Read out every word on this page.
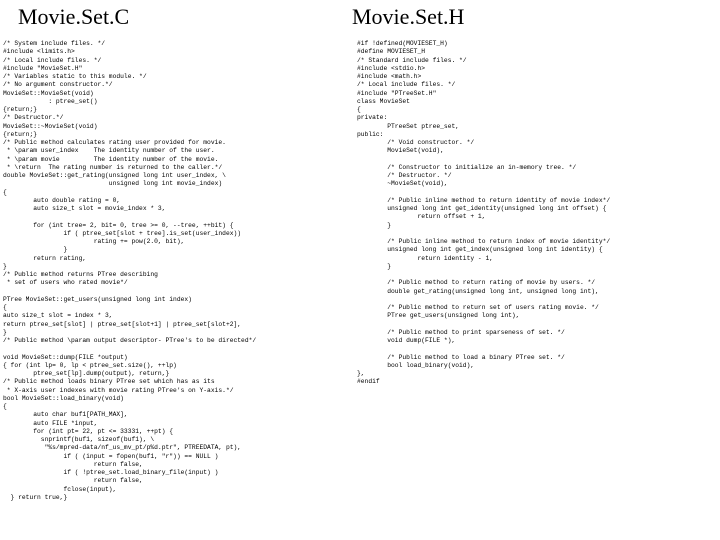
Movie.Set.C	Movie.Set.H
/* System include files. */
#include <limits.h>
/* Local include files. */
#include "MovieSet.H"
/* Variables static to this module. */
/* No argument constructor.*/
MovieSet::MovieSet(void)
: ptree_set()
{return;}
/* Destructor.*/
MovieSet::~MovieSet(void)
{return;}
/* Public method calculates rating user provided for movie.
* \param user_index    The identity number of the user.
* \param movie         The identity number of the movie.
* \return  The rating number is returned to the caller.*/
double MovieSet::get_rating(unsigned long int user_index, \
unsigned long int movie_index)
{
auto double rating = 0,
auto size_t slot = movie_index * 3,

for (int tree= 2, bit= 0, tree >= 0, --tree, ++bit) {
if ( ptree_set[slot + tree].is_set(user_index))
rating += pow(2.0, bit),
}
return rating,
}
/* Public method returns PTree describing
* set of users who rated movie*/

PTree MovieSet::get_users(unsigned long int index)
{
auto size_t slot = index * 3,
return ptree_set[slot] | ptree_set[slot+1] | ptree_set[slot+2],
}
/* Public method \param output descriptor- PTree's to be directed*/

void MovieSet::dump(FILE *output)
{ for (int lp= 0, lp < ptree_set.size(), ++lp)
ptree_set[lp].dump(output), return,}
/* Public method loads binary PTree set which has as its
* X-axis user indexes with movie rating PTree's on Y-axis.*/
bool MovieSet::load_binary(void)
{
auto char buf1[PATH_MAX],
auto FILE *input,
for (int pt= 22, pt <= 33331, ++pt) {
snprintf(buf1, sizeof(buf1), \
"%s/mpred-data/nf_us_mv_pt/p%d.ptr", PTREEDATA, pt),
if ( (input = fopen(buf1, "r")) == NULL )
return false,
if ( !ptree_set.load_binary_file(input) )
return false,
fclose(input),
} return true,}
#if !defined(MOVIESET_H)
#define MOVIESET_H
/* Standard include files. */
#include <stdio.h>
#include <math.h>
/* Local include files. */
#include "PTreeSet.H"
class MovieSet
{
private:
PTreeSet ptree_set,
public:
/* Void constructor. */
MovieSet(void),

/* Constructor to initialize an in-memory tree. */
/* Destructor. */
~MovieSet(void),

/* Public inline method to return identity of movie index*/
unsigned long int get_identity(unsigned long int offset) {
return offset + 1,
}

/* Public inline method to return index of movie identity*/
unsigned long int get_index(unsigned long int identity) {
return identity - 1,
}

/* Public method to return rating of movie by users. */
double get_rating(unsigned long int, unsigned long int),

/* Public method to return set of users rating movie. */
PTree get_users(unsigned long int),

/* Public method to print sparseness of set. */
void dump(FILE *),

/* Public method to load a binary PTree set. */
bool load_binary(void),
},
#endif
